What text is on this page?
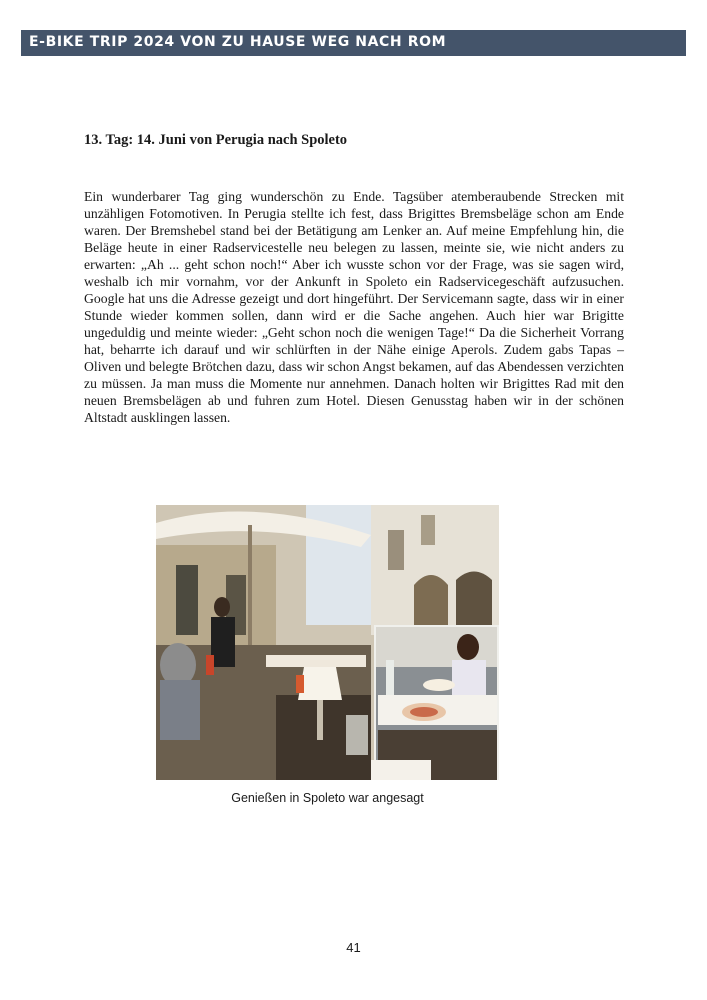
E-BIKE TRIP 2024 VON ZU HAUSE WEG NACH ROM
13. Tag: 14. Juni von Perugia nach Spoleto
Ein wunderbarer Tag ging wunderschön zu Ende. Tagsüber atemberaubende Strecken mit unzähligen Fotomotiven. In Perugia stellte ich fest, dass Brigittes Bremsbeläge schon am Ende waren. Der Bremshebel stand bei der Betätigung am Lenker an. Auf meine Empfehlung hin, die Beläge heute in einer Radservicestelle neu belegen zu lassen, meinte sie, wie nicht anders zu erwarten: „Ah ... geht schon noch!“ Aber ich wusste schon vor der Frage, was sie sagen wird, weshalb ich mir vornahm, vor der Ankunft in Spoleto ein Radservicegeschäft aufzusuchen. Google hat uns die Adresse gezeigt und dort hingeführt. Der Servicemann sagte, dass wir in einer Stunde wieder kommen sollen, dann wird er die Sache angehen. Auch hier war Brigitte ungeduldig und meinte wieder: „Geht schon noch die wenigen Tage!“ Da die Sicherheit Vorrang hat, beharrte ich darauf und wir schlürften in der Nähe einige Aperols. Zudem gabs Tapas – Oliven und belegte Brötchen dazu, dass wir schon Angst bekamen, auf das Abendessen verzichten zu müssen. Ja man muss die Momente nur annehmen. Danach holten wir Brigittes Rad mit den neuen Bremsbelägen ab und fuhren zum Hotel. Diesen Genusstag haben wir in der schönen Altstadt ausklingen lassen.
Genießen in Spoleto war angesagt
41
